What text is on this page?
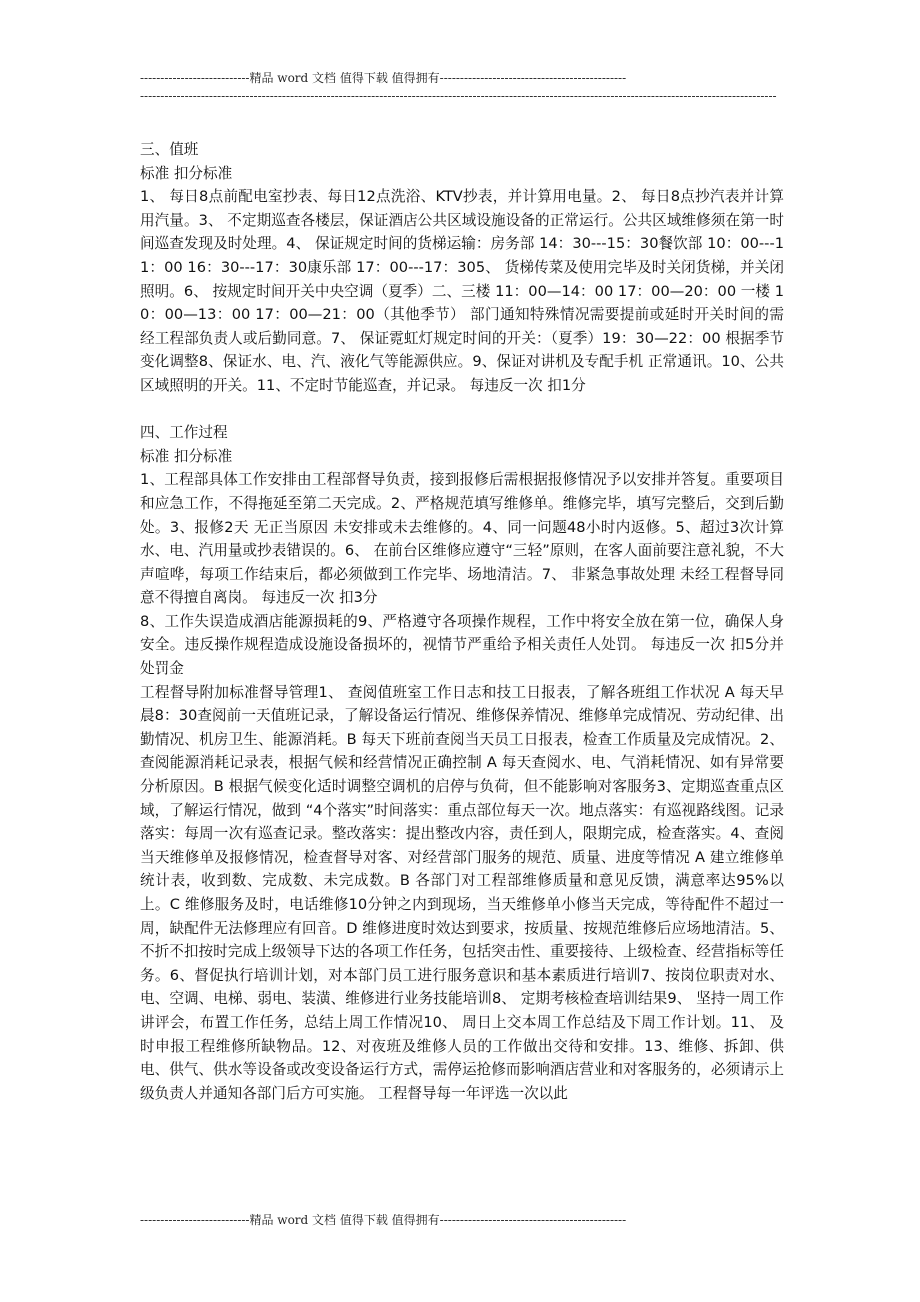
---------------------------精品 word 文档 值得下载 值得拥有----------------------------------------------
-------------------------------------------------------------------------------------------------------------------------------------------------------------

三、值班

标准 扣分标准

1、 每日8点前配电室抄表、每日12点洗浴、KTV抄表，并计算用电量。2、 每日8点抄汽表并计算用汽量。3、 不定期巡查各楼层，保证酒店公共区域设施设备的正常运行。公共区域维修须在第一时间巡查发现及时处理。4、 保证规定时间的货梯运输：房务部 14：30---15：30餐饮部 10：00---11：00 16：30---17：30康乐部 17：00---17：305、 货梯传菜及使用完毕及时关闭货梯，并关闭照明。6、 按规定时间开关中央空调（夏季）二、三楼 11：00—14：00 17：00—20：00 一楼 10：00—13：00 17：00—21：00（其他季节） 部门通知特殊情况需要提前或延时开关时间的需经工程部负责人或后勤同意。7、 保证霓虹灯规定时间的开关：（夏季）19：30—22：00 根据季节变化调整8、保证水、电、汽、液化气等能源供应。9、保证对讲机及专配手机 正常通讯。10、公共区域照明的开关。11、不定时节能巡查，并记录。 每违反一次 扣1分

四、工作过程

标准 扣分标准

1、工程部具体工作安排由工程部督导负责，接到报修后需根据报修情况予以安排并答复。重要项目和应急工作，不得拖延至第二天完成。2、严格规范填写维修单。维修完毕，填写完整后，交到后勤处。3、报修2天 无正当原因 未安排或未去维修的。4、同一问题48小时内返修。5、超过3次计算水、电、汽用量或抄表错误的。6、 在前台区维修应遵守“三轻”原则，在客人面前要注意礼貌，不大声喧哗，每项工作结束后，都必须做到工作完毕、场地清洁。7、 非紧急事故处理 未经工程督导同意不得擅自离岗。 每违反一次 扣3分

8、工作失误造成酒店能源损耗的9、严格遵守各项操作规程，工作中将安全放在第一位，确保人身安全。违反操作规程造成设施设备损坏的，视情节严重给予相关责任人处罚。 每违反一次 扣5分并处罚金

工程督导附加标准督导管理1、 查阅值班室工作日志和技工日报表，了解各班组工作状况 A 每天早晨8：30查阅前一天值班记录，了解设备运行情况、维修保养情况、维修单完成情况、劳动纪律、出勤情况、机房卫生、能源消耗。B 每天下班前查阅当天员工日报表，检查工作质量及完成情况。2、查阅能源消耗记录表，根据气候和经营情况正确控制 A 每天查阅水、电、气消耗情况、如有异常要分析原因。B 根据气候变化适时调整空调机的启停与负荷，但不能影响对客服务3、定期巡查重点区域，了解运行情况，做到 “4个落实”时间落实：重点部位每天一次。地点落实：有巡视路线图。记录落实：每周一次有巡查记录。整改落实：提出整改内容，责任到人，限期完成，检查落实。4、查阅当天维修单及报修情况，检查督导对客、对经营部门服务的规范、质量、进度等情况 A 建立维修单统计表，收到数、完成数、未完成数。B 各部门对工程部维修质量和意见反馈，满意率达95%以上。C 维修服务及时，电话维修10分钟之内到现场，当天维修单小修当天完成，等待配件不超过一周，缺配件无法修理应有回音。D 维修进度时效达到要求，按质量、按规范维修后应场地清洁。5、不折不扣按时完成上级领导下达的各项工作任务，包括突击性、重要接待、上级检查、经营指标等任务。6、督促执行培训计划，对本部门员工进行服务意识和基本素质进行培训7、按岗位职责对水、电、空调、电梯、弱电、装潢、维修进行业务技能培训8、 定期考核检查培训结果9、 坚持一周工作讲评会，布置工作任务，总结上周工作情况10、 周日上交本周工作总结及下周工作计划。11、 及时申报工程维修所缺物品。12、对夜班及维修人员的工作做出交待和安排。13、维修、拆卸、供电、供气、供水等设备或改变设备运行方式，需停运抢修而影响酒店营业和对客服务的，必须请示上级负责人并通知各部门后方可实施。 工程督导每一年评选一次以此

---------------------------精品 word 文档 值得下载 值得拥有----------------------------------------------
